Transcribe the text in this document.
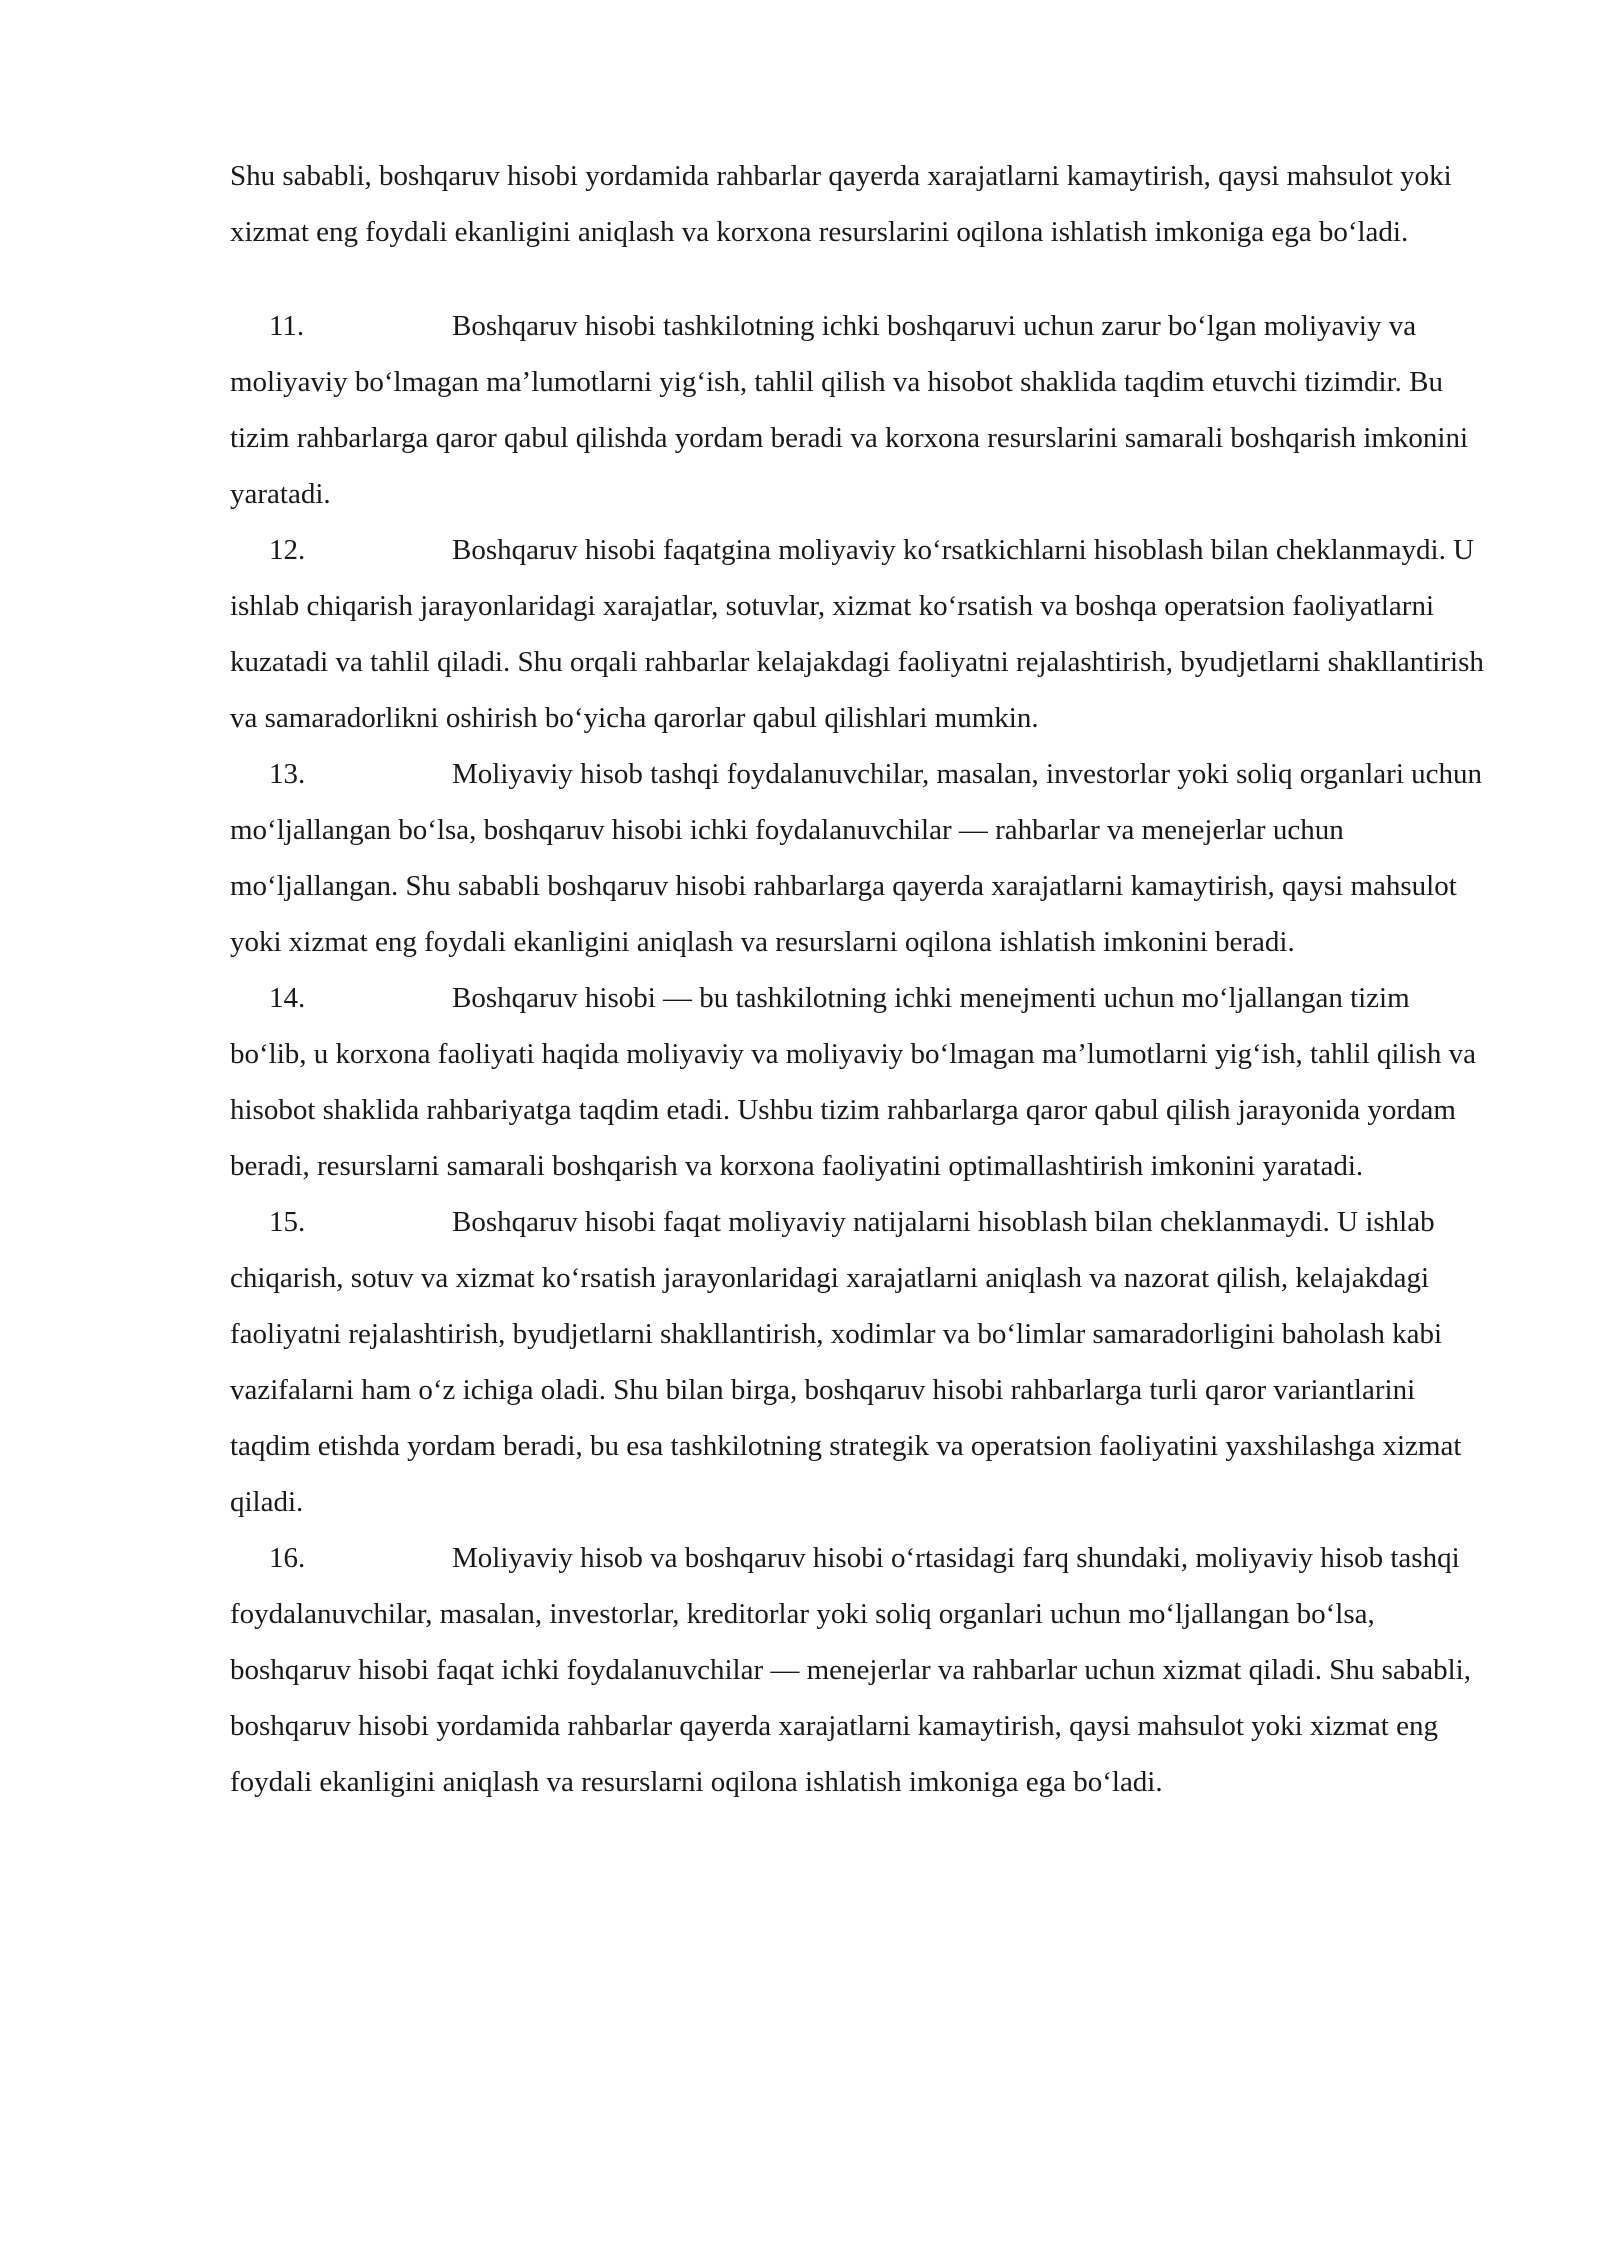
Shu sababli, boshqaruv hisobi yordamida rahbarlar qayerda xarajatlarni kamaytirish, qaysi mahsulot yoki xizmat eng foydali ekanligini aniqlash va korxona resurslarini oqilona ishlatish imkoniga ega bo‘ladi.

11.	Boshqaruv hisobi tashkilotning ichki boshqaruvi uchun zarur bo‘lgan moliyaviy va moliyaviy bo‘lmagan ma’lumotlarni yig‘ish, tahlil qilish va hisobot shaklida taqdim etuvchi tizimdir. Bu tizim rahbarlarga qaror qabul qilishda yordam beradi va korxona resurslarini samarali boshqarish imkonini yaratadi.

12.	Boshqaruv hisobi faqatgina moliyaviy ko‘rsatkichlarni hisoblash bilan cheklanmaydi. U ishlab chiqarish jarayonlaridagi xarajatlar, sotuvlar, xizmat ko‘rsatish va boshqa operatsion faoliyatlarni kuzatadi va tahlil qiladi. Shu orqali rahbarlar kelajakdagi faoliyatni rejalashtirish, byudjetlarni shakllantirish va samaradorlikni oshirish bo‘yicha qarorlar qabul qilishlari mumkin.

13.	Moliyaviy hisob tashqi foydalanuvchilar, masalan, investorlar yoki soliq organlari uchun mo‘ljallangan bo‘lsa, boshqaruv hisobi ichki foydalanuvchilar — rahbarlar va menejerlar uchun mo‘ljallangan. Shu sababli boshqaruv hisobi rahbarlarga qayerda xarajatlarni kamaytirish, qaysi mahsulot yoki xizmat eng foydali ekanligini aniqlash va resurslarni oqilona ishlatish imkonini beradi.

14.	Boshqaruv hisobi — bu tashkilotning ichki menejmenti uchun mo‘ljallangan tizim bo‘lib, u korxona faoliyati haqida moliyaviy va moliyaviy bo‘lmagan ma’lumotlarni yig‘ish, tahlil qilish va hisobot shaklida rahbariyatga taqdim etadi. Ushbu tizim rahbarlarga qaror qabul qilish jarayonida yordam beradi, resurslarni samarali boshqarish va korxona faoliyatini optimallashtirish imkonini yaratadi.

15.	Boshqaruv hisobi faqat moliyaviy natijalarni hisoblash bilan cheklanmaydi. U ishlab chiqarish, sotuv va xizmat ko‘rsatish jarayonlaridagi xarajatlarni aniqlash va nazorat qilish, kelajakdagi faoliyatni rejalashtirish, byudjetlarni shakllantirish, xodimlar va bo‘limlar samaradorligini baholash kabi vazifalarni ham o‘z ichiga oladi. Shu bilan birga, boshqaruv hisobi rahbarlarga turli qaror variantlarini taqdim etishda yordam beradi, bu esa tashkilotning strategik va operatsion faoliyatini yaxshilashga xizmat qiladi.

16.	Moliyaviy hisob va boshqaruv hisobi o‘rtasidagi farq shundaki, moliyaviy hisob tashqi foydalanuvchilar, masalan, investorlar, kreditorlar yoki soliq organlari uchun mo‘ljallangan bo‘lsa, boshqaruv hisobi faqat ichki foydalanuvchilar — menejerlar va rahbarlar uchun xizmat qiladi. Shu sababli, boshqaruv hisobi yordamida rahbarlar qayerda xarajatlarni kamaytirish, qaysi mahsulot yoki xizmat eng foydali ekanligini aniqlash va resurslarni oqilona ishlatish imkoniga ega bo‘ladi.
